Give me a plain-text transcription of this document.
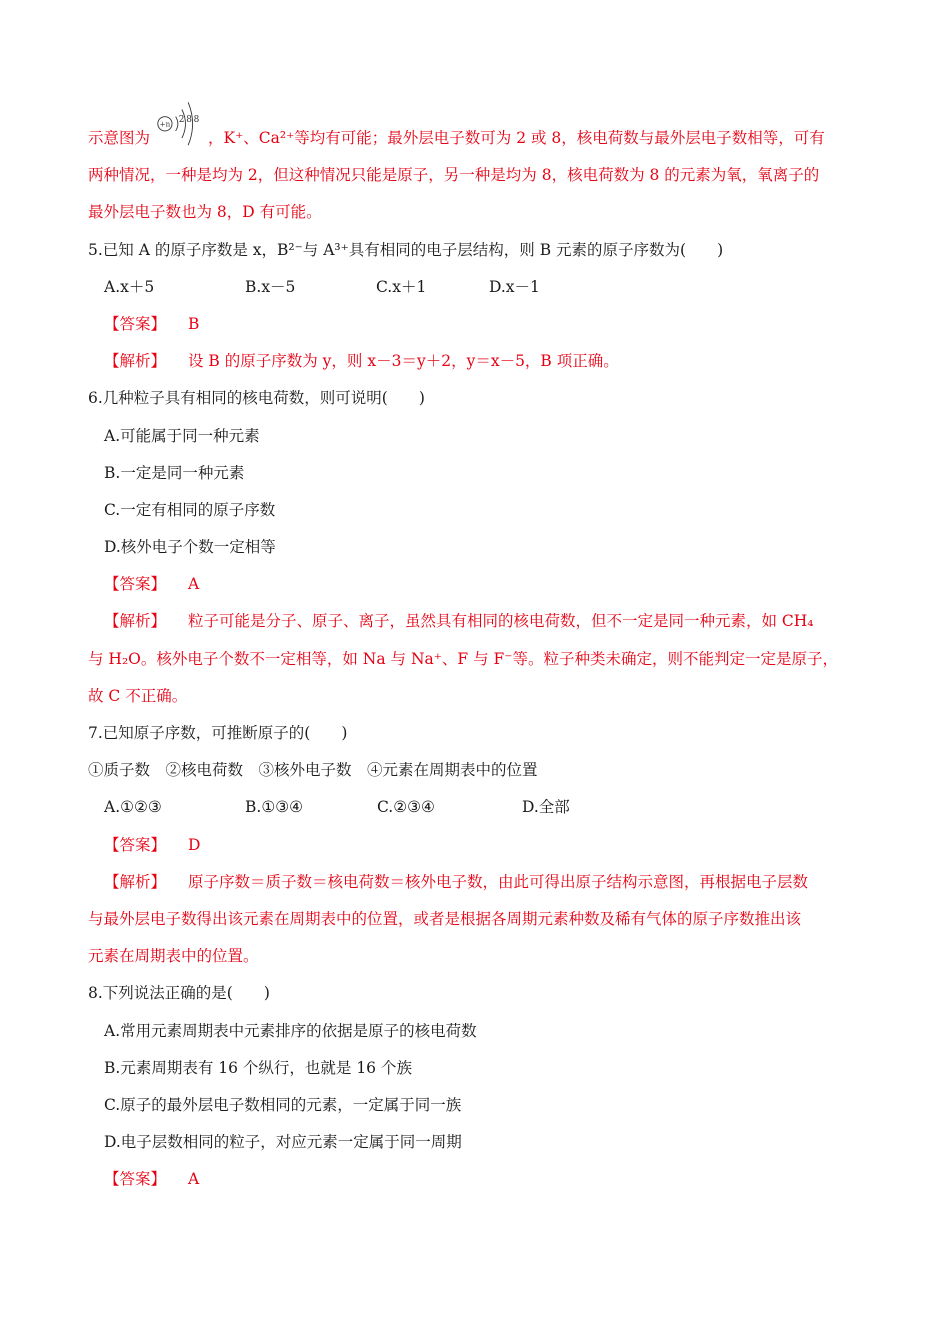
示意图为
+n 288
，K⁺、Ca²⁺等均有可能；最外层电子数可为 2 或 8，核电荷数与最外层电子数相等，可有
两种情况，一种是均为 2，但这种情况只能是原子，另一种是均为 8，核电荷数为 8 的元素为氧，氧离子的
最外层电子数也为 8，D 有可能。
5.已知 A 的原子序数是 x，B²⁻与 A³⁺具有相同的电子层结构，则 B 元素的原子序数为(　　)
A.x＋5	B.x－5	C.x＋1	D.x－1
【答案】 B
【解析】 设 B 的原子序数为 y，则 x－3＝y＋2，y＝x－5，B 项正确。
6.几种粒子具有相同的核电荷数，则可说明(　　)
A.可能属于同一种元素
B.一定是同一种元素
C.一定有相同的原子序数
D.核外电子个数一定相等
【答案】 A
【解析】 粒子可能是分子、原子、离子，虽然具有相同的核电荷数，但不一定是同一种元素，如 CH₄
与 H₂O。核外电子个数不一定相等，如 Na 与 Na⁺、F 与 F⁻等。粒子种类未确定，则不能判定一定是原子，
故 C 不正确。
7.已知原子序数，可推断原子的(　　)
①质子数　②核电荷数　③核外电子数　④元素在周期表中的位置
A.①②③	B.①③④	C.②③④	D.全部
【答案】 D
【解析】 原子序数＝质子数＝核电荷数＝核外电子数，由此可得出原子结构示意图，再根据电子层数
与最外层电子数得出该元素在周期表中的位置，或者是根据各周期元素种数及稀有气体的原子序数推出该
元素在周期表中的位置。
8.下列说法正确的是(　　)
A.常用元素周期表中元素排序的依据是原子的核电荷数
B.元素周期表有 16 个纵行，也就是 16 个族
C.原子的最外层电子数相同的元素，一定属于同一族
D.电子层数相同的粒子，对应元素一定属于同一周期
【答案】 A
